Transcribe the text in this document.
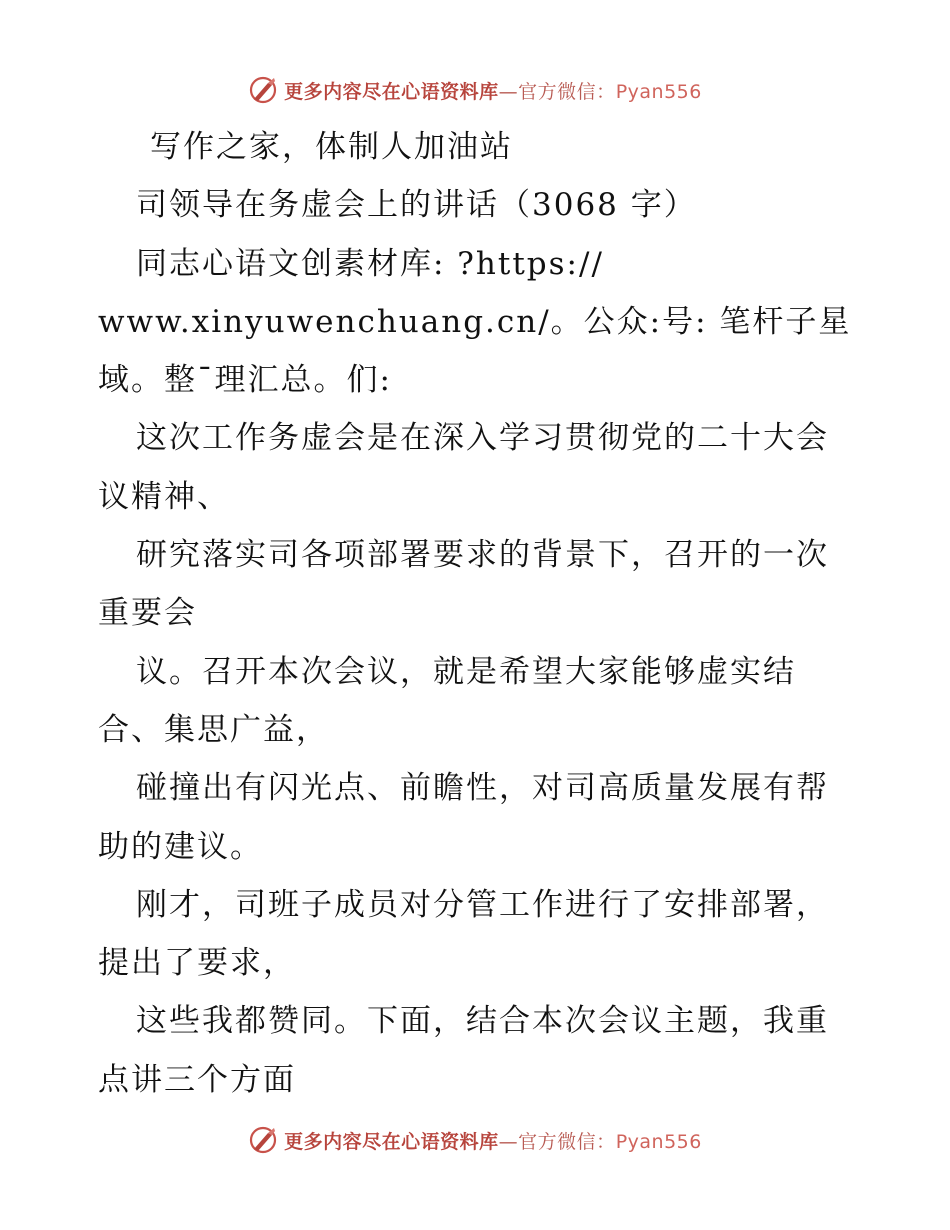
更多内容尽在心语资料库—官方微信：Pyan556
写作之家，体制人加油站
司领导在务虚会上的讲话（3068 字）
同志心语文创素材库: ?https://
www.xinyuwenchuang.cn/。公众:号: 笔杆子星
域。整¯理汇总。们:
这次工作务虚会是在深入学习贯彻党的二十大会
议精神、
研究落实司各项部署要求的背景下，召开的一次
重要会
议。召开本次会议，就是希望大家能够虚实结
合、集思广益，
碰撞出有闪光点、前瞻性，对司高质量发展有帮
助的建议。
刚才，司班子成员对分管工作进行了安排部署，
提出了要求，
这些我都赞同。下面，结合本次会议主题，我重
点讲三个方面
更多内容尽在心语资料库—官方微信：Pyan556
